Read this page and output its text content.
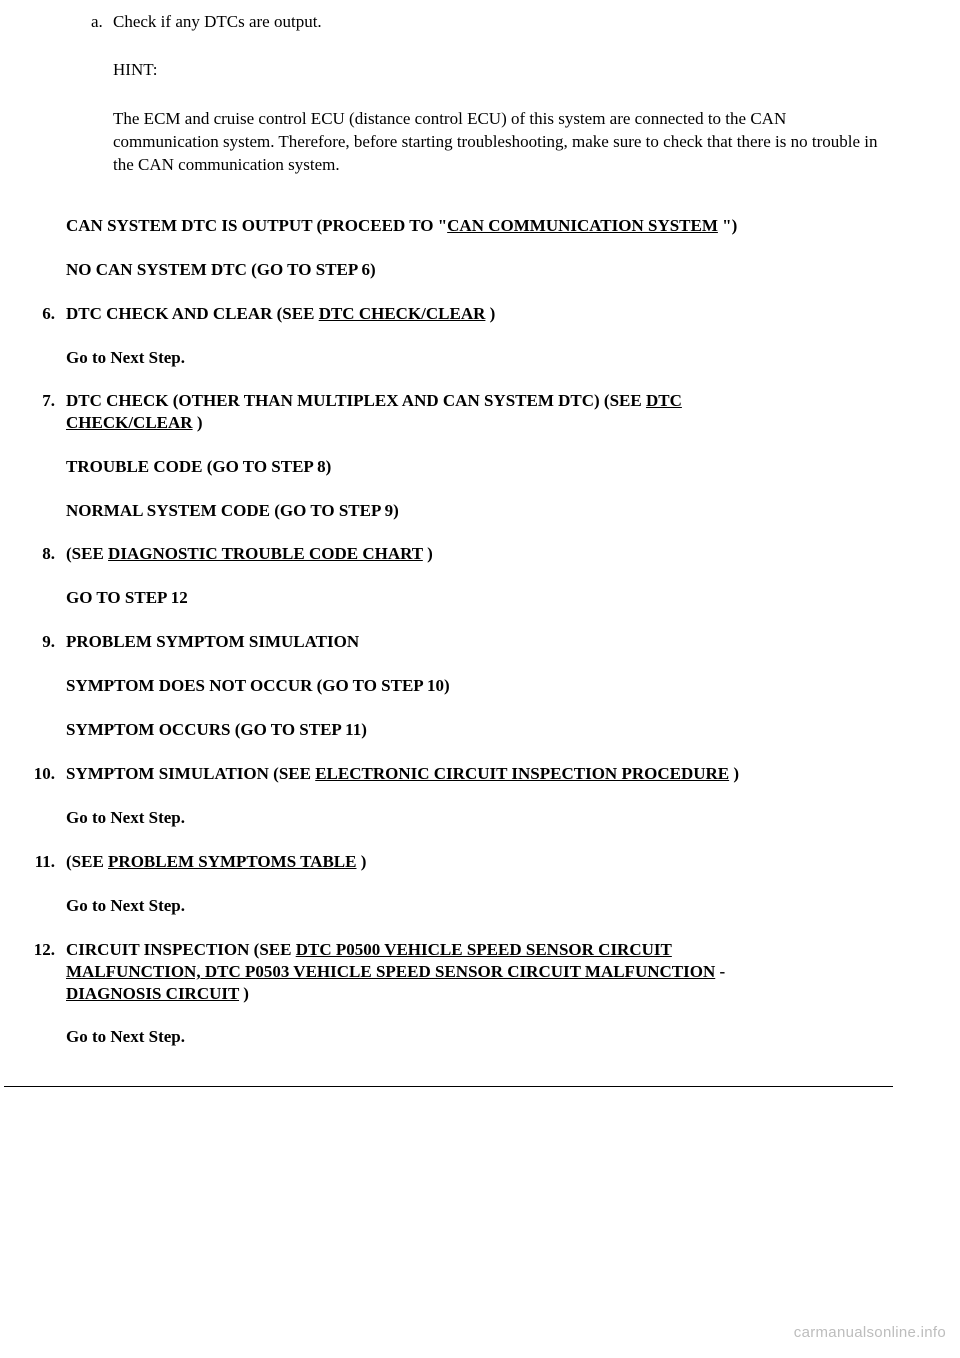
a. Check if any DTCs are output.
HINT:
The ECM and cruise control ECU (distance control ECU) of this system are connected to the CAN communication system. Therefore, before starting troubleshooting, make sure to check that there is no trouble in the CAN communication system.
CAN SYSTEM DTC IS OUTPUT (PROCEED TO "CAN COMMUNICATION SYSTEM ")
NO CAN SYSTEM DTC (GO TO STEP 6)
6. DTC CHECK AND CLEAR (SEE DTC CHECK/CLEAR )
Go to Next Step.
7. DTC CHECK (OTHER THAN MULTIPLEX AND CAN SYSTEM DTC) (SEE DTC
CHECK/CLEAR )
TROUBLE CODE (GO TO STEP 8)
NORMAL SYSTEM CODE (GO TO STEP 9)
8. (SEE DIAGNOSTIC TROUBLE CODE CHART )
GO TO STEP 12
9. PROBLEM SYMPTOM SIMULATION
SYMPTOM DOES NOT OCCUR (GO TO STEP 10)
SYMPTOM OCCURS (GO TO STEP 11)
10. SYMPTOM SIMULATION (SEE ELECTRONIC CIRCUIT INSPECTION PROCEDURE )
Go to Next Step.
11. (SEE PROBLEM SYMPTOMS TABLE )
Go to Next Step.
12. CIRCUIT INSPECTION (SEE DTC P0500 VEHICLE SPEED SENSOR CIRCUIT
MALFUNCTION, DTC P0503 VEHICLE SPEED SENSOR CIRCUIT MALFUNCTION -
DIAGNOSIS CIRCUIT )
Go to Next Step.
carmanualsonline.info
